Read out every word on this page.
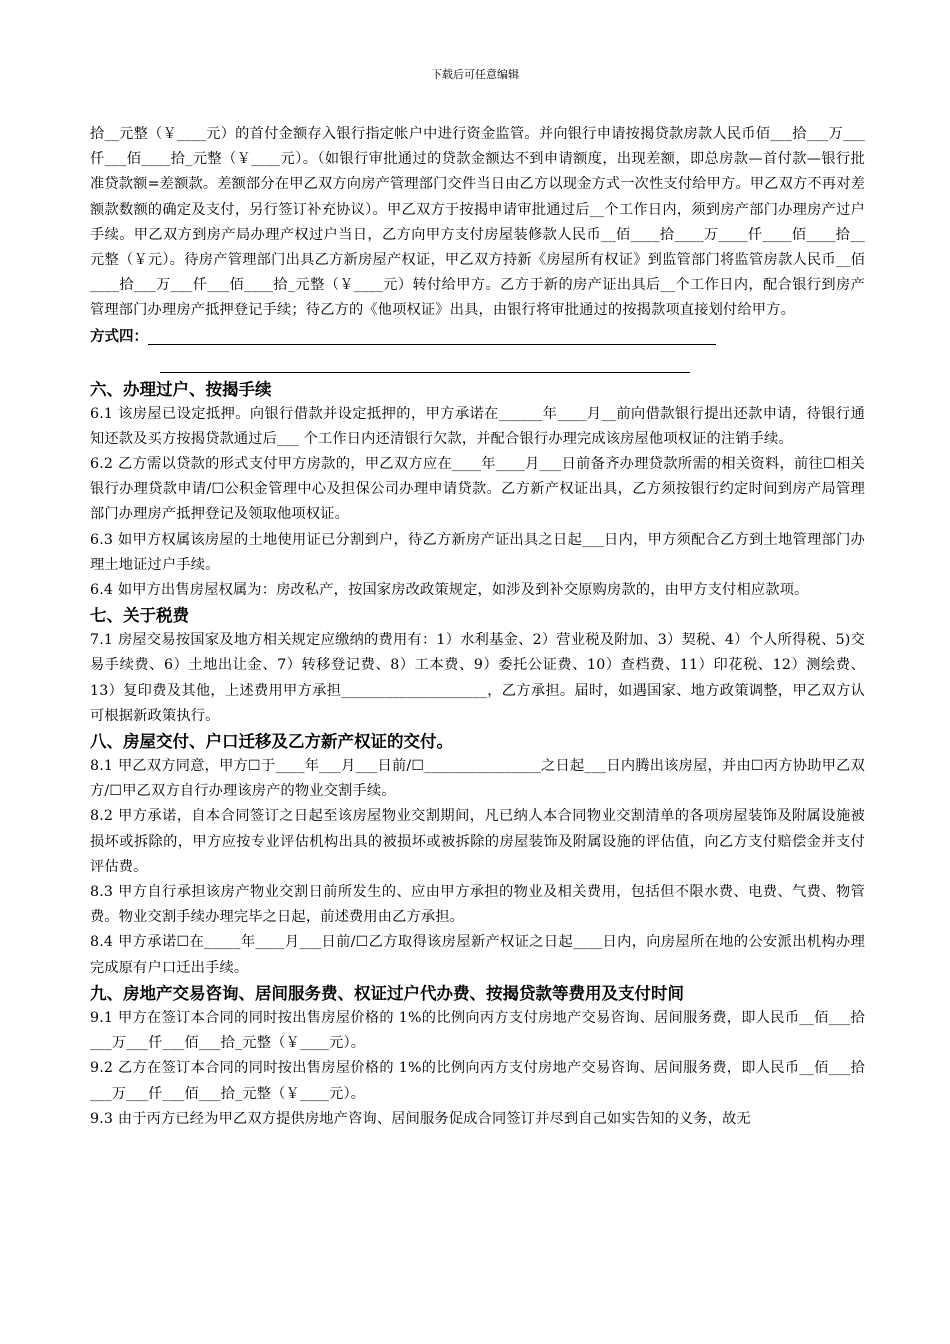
下载后可任意编辑

拾__元整（￥____元）的首付金额存入银行指定帐户中进行资金监管。并向银行申请按揭贷款房款人民币佰___拾___万___仟___佰____拾_元整（￥____元）。（如银行审批通过的贷款金额达不到申请额度，出现差额，即总房款—首付款—银行批准贷款额=差额款。差额部分在甲乙双方向房产管理部门交件当日由乙方以现金方式一次性支付给甲方。甲乙双方不再对差额款数额的确定及支付，另行签订补充协议）。甲乙双方于按揭申请审批通过后__个工作日内，须到房产部门办理房产过户手续。甲乙双方到房产局办理产权过户当日，乙方向甲方支付房屋装修款人民币__佰____拾____万____仟____佰____拾__元整（￥元）。待房产管理部门出具乙方新房屋产权证，甲乙双方持新《房屋所有权证》到监管部门将监管房款人民币__佰____拾___万___仟___佰____拾_元整（￥____元）转付给甲方。乙方于新的房产证出具后__个工作日内，配合银行到房产管理部门办理房产抵押登记手续；待乙方的《他项权证》出具，由银行将审批通过的按揭款项直接划付给甲方。

方式四：

六、办理过户、按揭手续

6.1 该房屋已设定抵押。向银行借款并设定抵押的，甲方承诺在______年____月__前向借款银行提出还款申请，待银行通知还款及买方按揭贷款通过后___ 个工作日内还清银行欠款，并配合银行办理完成该房屋他项权证的注销手续。

6.2 乙方需以贷款的形式支付甲方房款的，甲乙双方应在____年____月___日前备齐办理贷款所需的相关资料，前往☐相关银行办理贷款申请/☐公积金管理中心及担保公司办理申请贷款。乙方新产权证出具，乙方须按银行约定时间到房产局管理部门办理房产抵押登记及领取他项权证。

6.3 如甲方权属该房屋的土地使用证已分割到户，待乙方新房产证出具之日起___日内，甲方须配合乙方到土地管理部门办理土地证过户手续。

6.4 如甲方出售房屋权属为：房改私产，按国家房改政策规定，如涉及到补交原购房款的，由甲方支付相应款项。

七、关于税费

7.1 房屋交易按国家及地方相关规定应缴纳的费用有：1）水利基金、2）营业税及附加、3）契税、4）个人所得税、5)交易手续费、6）土地出让金、7）转移登记费、8）工本费、9）委托公证费、10）查档费、11）印花税、12）测绘费、13）复印费及其他，上述费用甲方承担____________________，乙方承担。届时，如遇国家、地方政策调整，甲乙双方认可根据新政策执行。

八、房屋交付、户口迁移及乙方新产权证的交付。

8.1 甲乙双方同意，甲方☐于____年___月___日前/☐________________之日起___日内腾出该房屋，并由☐丙方协助甲乙双方/☐甲乙双方自行办理该房产的物业交割手续。

8.2 甲方承诺，自本合同签订之日起至该房屋物业交割期间，凡已纳人本合同物业交割清单的各项房屋装饰及附属设施被损坏或拆除的，甲方应按专业评估机构出具的被损坏或被拆除的房屋装饰及附属设施的评估值，向乙方支付赔偿金并支付评估费。

8.3 甲方自行承担该房产物业交割日前所发生的、应由甲方承担的物业及相关费用，包括但不限水费、电费、气费、物管费。物业交割手续办理完毕之日起，前述费用由乙方承担。

8.4 甲方承诺☐在_____年____月___日前/☐乙方取得该房屋新产权证之日起____日内，向房屋所在地的公安派出机构办理完成原有户口迁出手续。

九、房地产交易咨询、居间服务费、权证过户代办费、按揭贷款等费用及支付时间

9.1 甲方在签订本合同的同时按出售房屋价格的 1%的比例向丙方支付房地产交易咨询、居间服务费，即人民币__佰___拾___万___仟___佰___拾_元整（￥____元）。

9.2 乙方在签订本合同的同时按出售房屋价格的 1%的比例向丙方支付房地产交易咨询、居间服务费，即人民币__佰___拾___万___仟___佰___拾_元整（￥____元）。

9.3 由于丙方已经为甲乙双方提供房地产咨询、居间服务促成合同签订并尽到自己如实告知的义务，故无
